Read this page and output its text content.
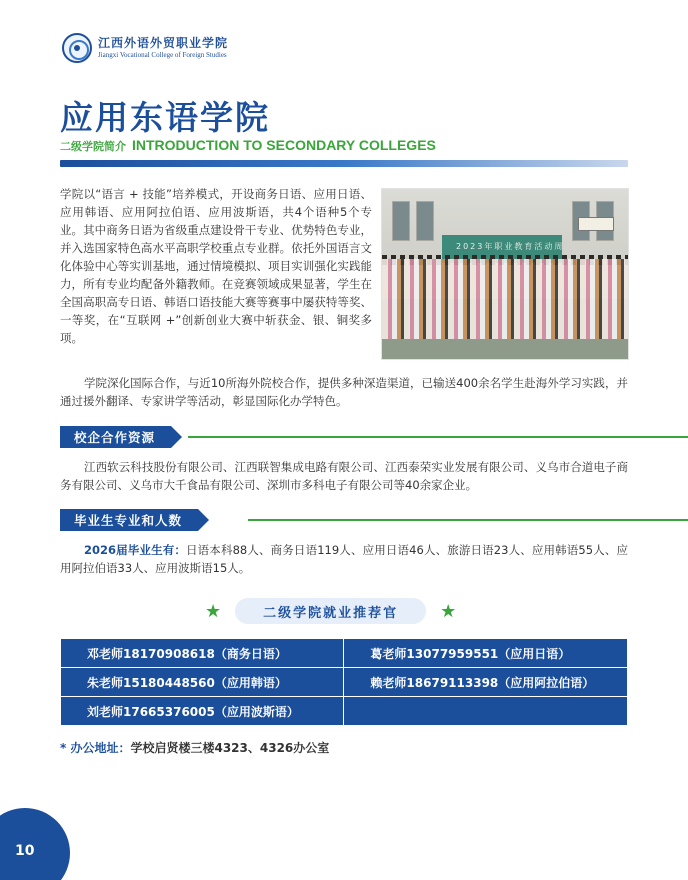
江西外语外贸职业学院
Jiangxi Vocational College of Foreign Studies
应用东语学院
二级学院简介 INTRODUCTION TO SECONDARY COLLEGES

学院以“语言 + 技能”培养模式，开设商务日语、应用日语、应用韩语、应用阿拉伯语、应用波斯语，共4个语种5个专业。其中商务日语为省级重点建设骨干专业、优势特色专业，并入选国家特色高水平高职学校重点专业群。依托外国语言文化体验中心等实训基地，通过情境模拟、项目实训强化实践能力，所有专业均配备外籍教师。在竞赛领域成果显著，学生在全国高职高专日语、韩语口语技能大赛等赛事中屡获特等奖、一等奖，在“互联网 +”创新创业大赛中斩获金、银、铜奖多项。

2023年职业教育活动周

学院深化国际合作，与近10所海外院校合作，提供多种深造渠道，已输送400余名学生赴海外学习实践，并通过援外翻译、专家讲学等活动，彰显国际化办学特色。

校企合作资源

江西软云科技股份有限公司、江西联智集成电路有限公司、江西泰荣实业发展有限公司、义乌市合道电子商务有限公司、义乌市大千食品有限公司、深圳市多科电子有限公司等40余家企业。

毕业生专业和人数

2026届毕业生有：日语本科88人、商务日语119人、应用日语46人、旅游日语23人、应用韩语55人、应用阿拉伯语33人、应用波斯语15人。

★	二级学院就业推荐官	★
邓老师18170908618（商务日语）	葛老师13077959551（应用日语）
朱老师15180448560（应用韩语）	赖老师18679113398（应用阿拉伯语）
刘老师17665376005（应用波斯语）	
* 办公地址：学校启贤楼三楼4323、4326办公室
10
